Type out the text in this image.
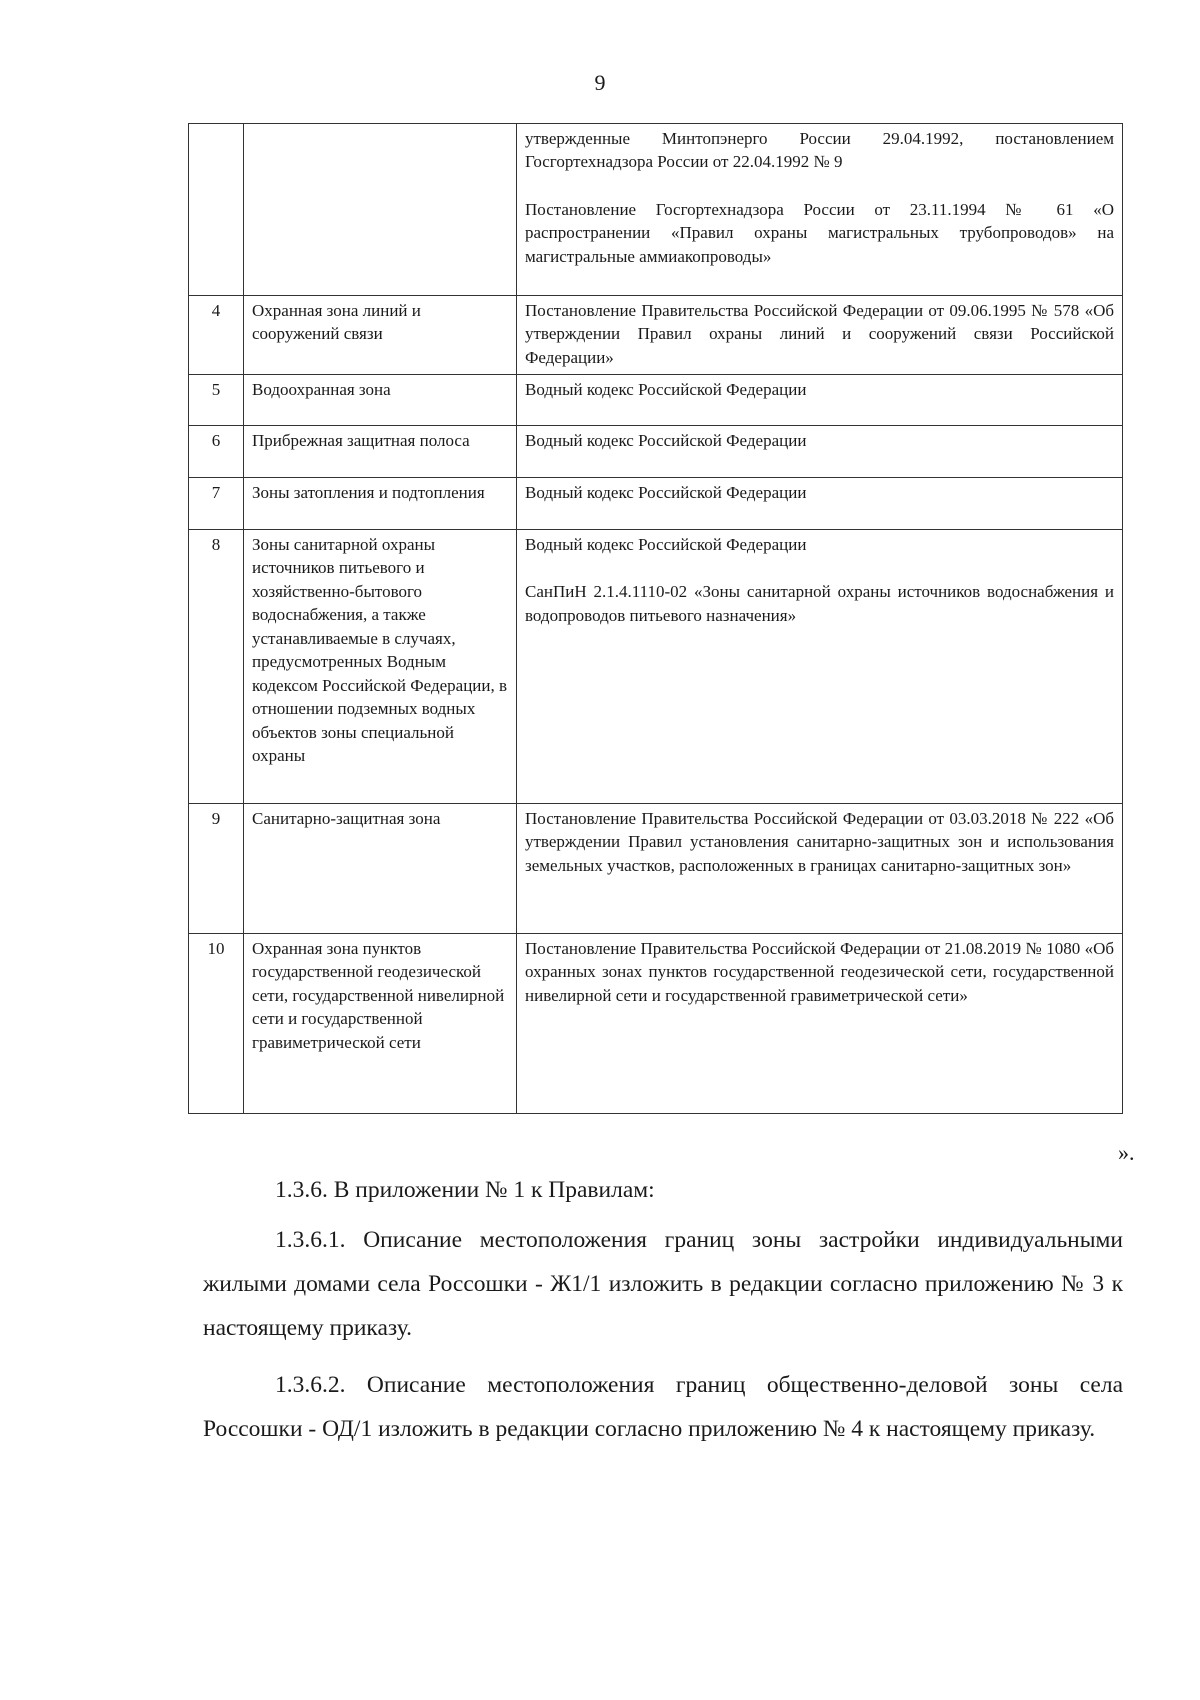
9

		утвержденные Минтопэнерго России 29.04.1992, постановлением Госгортехнадзора России от 22.04.1992 № 9

Постановление Госгортехнадзора России от 23.11.1994 № 61 «О распространении «Правил охраны магистральных трубопроводов» на магистральные аммиакопроводы»

4	Охранная зона линий и сооружений связи	Постановление Правительства Российской Федерации от 09.06.1995 № 578 «Об утверждении Правил охраны линий и сооружений связи Российской Федерации»

5	Водоохранная зона	Водный кодекс Российской Федерации

6	Прибрежная защитная полоса	Водный кодекс Российской Федерации

7	Зоны затопления и подтопления	Водный кодекс Российской Федерации

8	Зоны санитарной охраны источников питьевого и хозяйственно-бытового водоснабжения, а также устанавливаемые в случаях, предусмотренных Водным кодексом Российской Федерации, в отношении подземных водных объектов зоны специальной охраны	Водный кодекс Российской Федерации

СанПиН 2.1.4.1110-02 «Зоны санитарной охраны источников водоснабжения и водопроводов питьевого назначения»

9	Санитарно-защитная зона	Постановление Правительства Российской Федерации от 03.03.2018 № 222 «Об утверждении Правил установления санитарно-защитных зон и использования земельных участков, расположенных в границах санитарно-защитных зон»

10	Охранная зона пунктов государственной геодезической сети, государственной нивелирной сети и государственной гравиметрической сети	Постановление Правительства Российской Федерации от 21.08.2019 № 1080 «Об охранных зонах пунктов государственной геодезической сети, государственной нивелирной сети и государственной гравиметрической сети»

».

1.3.6. В приложении № 1 к Правилам:

1.3.6.1. Описание местоположения границ зоны застройки индивидуальными жилыми домами села Россошки - Ж1/1 изложить в редакции согласно приложению № 3 к настоящему приказу.

1.3.6.2. Описание местоположения границ общественно-деловой зоны села Россошки - ОД/1 изложить в редакции согласно приложению № 4 к настоящему приказу.
